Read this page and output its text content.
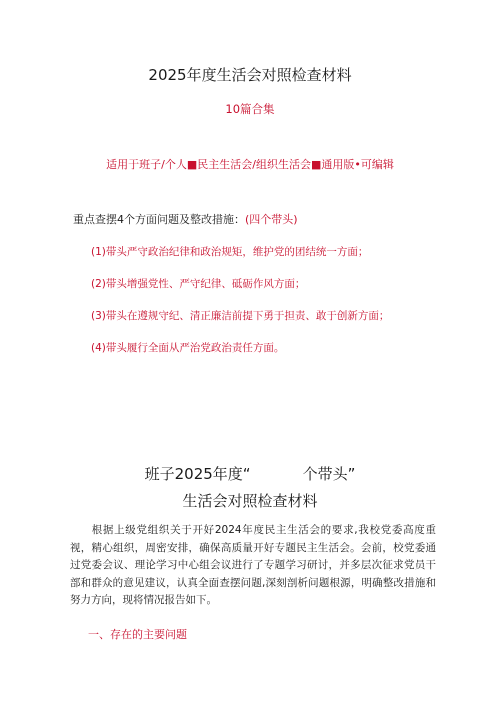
2025年度生活会对照检查材料
10篇合集
适用于班子/个人■民主生活会/组织生活会■通用版•可编辑
重点查摆4个方面问题及整改措施：(四个带头)
(1)带头严守政治纪律和政治规矩，维护党的团结统一方面；
(2)带头增强党性、严守纪律、砥砺作风方面；
(3)带头在遵规守纪、清正廉洁前提下勇于担责、敢于创新方面；
(4)带头履行全面从严治党政治责任方面。
班子2025年度“	个带头”
生活会对照检查材料
根据上级党组织关于开好2024年度民主生活会的要求,我校党委高度重视，精心组织，周密安排，确保高质量开好专题民主生活会。会前，校党委通过党委会议、理论学习中心组会议进行了专题学习研讨，并多层次征求党员干部和群众的意见建议，认真全面查摆问题,深刻剖析问题根源，明确整改措施和努力方向，现将情况报告如下。
一、存在的主要问题
